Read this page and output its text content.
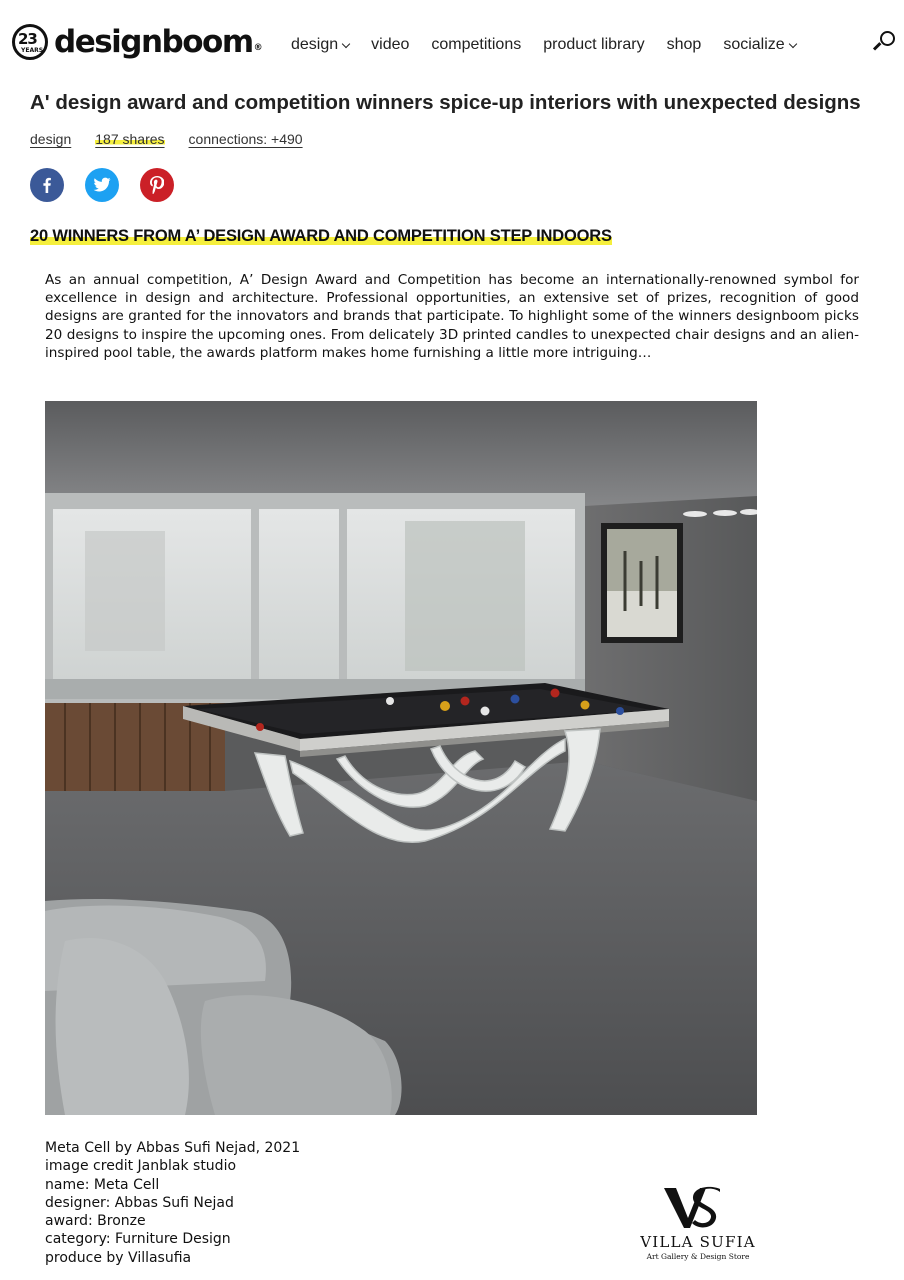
23
YEARS designboom® design video competitions product library shop socialize
A' design award and competition winners spice-up interiors with unexpected designs
design 187 shares connections: +490
20 WINNERS FROM A’ DESIGN AWARD AND COMPETITION STEP INDOORS

As an annual competition, A’ Design Award and Competition has become an internationally-renowned symbol for excellence in design and architecture. Professional opportunities, an extensive set of prizes, recognition of good designs are granted for the innovators and brands that participate. To highlight some of the winners designboom picks 20 designs to inspire the upcoming ones. From delicately 3D printed candles to unexpected chair designs and an alien-inspired pool table, the awards platform makes home furnishing a little more intriguing…

Meta Cell by Abbas Sufi Nejad, 2021
image credit Janblak studio
name: Meta Cell
designer: Abbas Sufi Nejad
award: Bronze
category: Furniture Design
produce by Villasufia
VILLA SUFIA
Art Gallery & Design Store
